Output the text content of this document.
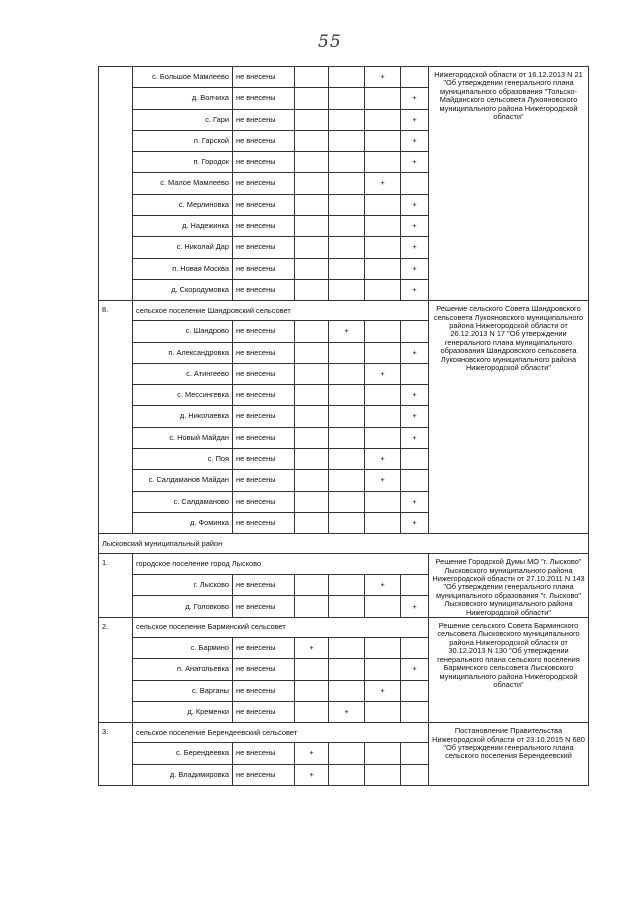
55
	с. Большое Мамлеево	не внесены			+		Нижегородской области от 16.12.2013 N 21 "Об утверждении генерального плана муниципального образования "Тольско-Майданского сельсовета Лукояновского муниципального района Нижегородской области"
	д. Волчиха	не внесены				+	
	с. Гари	не внесены				+	
	п. Гарской	не внесены				+	
	п. Городок	не внесены				+	
	с. Малое Мамлеево	не внесены			+		
	с. Мерлиновка	не внесены				+	
	д. Надежинка	не внесены				+	
	с. Николай Дар	не внесены				+	
	п. Новая Москва	не внесены				+	
	д. Скородумовка	не внесены				+	
8.	сельское поселение Шандровский сельсовет						Решение сельского Совета Шандровского сельсовета Лукояновского муниципального района Нижегородской области от 26.12.2013 N 17 "Об утверждении генерального плана муниципального образования Шандровского сельсовета Лукояновского муниципального района Нижегородской области"
	с. Шандрово	не внесены		+			
	п. Александровка	не внесены				+	
	с. Атингеево	не внесены			+		
	с. Мессингевка	не внесены				+	
	д. Николаевка	не внесены				+	
	с. Новый Майдан	не внесены				+	
	с. Поя	не внесены			+		
	с. Салдаманов Майдан	не внесены			+		
	с. Салдаманово	не внесены				+	
	д. Фоминка	не внесены				+	
Лысковский муниципальный район							
1.	городское поселение город Лысково						Решение Городской Думы МО "г. Лысково" Лысковского муниципального района Нижегородской области от 27.10.2011 N 143 "Об утверждении генерального плана муниципального образования "г. Лысково" Лысковского муниципального района Нижегородской области"
	г. Лысково	не внесены			+		
	д. Головково	не внесены				+	
2.	сельское поселение Барминский сельсовет						Решение сельского Совета Барминского сельсовета Лысковского муниципального района Нижегородской области от 30.12.2013 N 130 "Об утверждении генерального плана сельского поселения Барминского сельсовета Лысковского муниципального района Нижегородской области"
	с. Бармино	не внесены	+				
	п. Анатольевка	не внесены				+	
	с. Варганы	не внесены			+		
	д. Кременки	не внесены		+			
3.	сельское поселение Берендеевский сельсовет						Постановление Правительства Нижегородской области от 23.10.2015 N 680 "Об утверждении генерального плана сельского поселения Берендеевский
	с. Берендеевка	не внесены	+				
	д. Владимировка	не внесены	+				
